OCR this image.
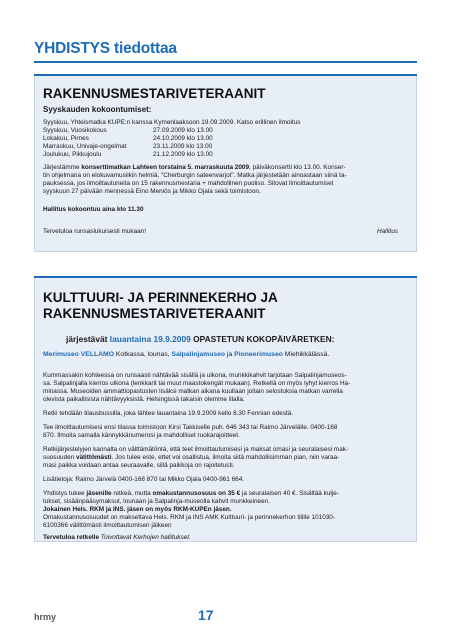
YHDISTYS tiedottaa
RAKENNUSMESTARIVETERAANIT
Syyskauden kokoontumiset:
Syyskuu, Yhteismatka KUPE:n kanssa Kymenlaaksoon 19.09.2009. Katso erillinen ilmoitus
Syyskuu, Vuosikokous	27.09.2009 klo 13.00
Lokakuu, Pirnes	24.10.2009 klo 13.00
Marraskuu, Univaje-ongelmat	23.11.2009 klo 13.00
Joulukuu, Pikkujoulu	21.12.2009 klo 13.00
Järjestämme konserttimatkan Lahteen torstaina 5. marraskuuta 2009, päiväkonsertti klo 13.00. Konser-
tin ohjelmana on elokuvamusiikin helmiä, "Cherburgin sateenvarjot". Matka järjestetään ainoastaan siinä ta-
pauksessa, jos ilmoittautuneita on 15 rakennusmestaria + mahdollinen puoliso. Sitovat ilmoittautumiset
syyskuun 27 päivään mennessä Eino Meniös ja Mikko Ojala sekä toimistoon.
Hallitus kokoontuu aina klo 11.30
Tervetuloa runsaslukuisesti mukaan!	Hallitus
KULTTUURI- JA PERINNEKERHO JA
RAKENNUSMESTARIVETERAANIT
järjestävät lauantaina 19.9.2009 OPASTETUN KOKOPÄIVÄRETKEN:
Merimuseo VELLAMO Kotkassa, lounas, Salpalinjamuseo ja Pioneerimuseo Miehikkälässä.
Kummassakin kohteessa on runsaasti nähtävää sisällä ja ulkona, munkkikahvit tarjotaan Salpalinjamuseos-
sa. Salpalinjalla kierros ulkona (lenkkarit tai muut maastokengät mukaan). Retkellä on myös lyhyt kierros Ha-
minassa. Museoiden ammattiopastusten lisäksi matkan aikana kuullaan joitain selostuksia matkan varrella
olevista paikallisista nähtävyyksistä. Helsingissä takaisin olemme illalla.
Retki tehdään tilausbussilla, joka lähtee lauantaina 19.9.2009 kello 8.30 Fennian edestä.
Tee ilmoittautumisesi ensi tilassa toimistoon Kirsi Takkiselle puh. 646 343 tai Raimo Järvelälle. 0400-168
870. Ilmoita samalla kännykkänumerosi ja mahdolliset ruokarajoitteet.
Retkijärjestelyjen kannalta on välttämätöntä, että teet ilmoittautumisesi ja maksat omasi ja seuralaisesi mak-
suosuuden välittömästi. Jos tulee este, ettet voi osallistua, ilmoita siitä mahdollisimman pian, niin varaa-
masi paikka voidaan antaa seuraavalle, sillä paikkoja on rajoitetusti.
Lisätietoja: Raimo Järvelä 0400-168 870 tai Mikko Ojala 0400-961 664.
Yhdistys tukee jäsenille retkeä, mutta omakustannusosuus on 35 € ja seuralaisen 40 €. Sisältää kulje-
tukset, sisäänpääsymaksut, lounaan ja Salpalinja-museolla kahvit munkkeineen.
Jokainen Hels. RKM ja INS. jäsen on myös RKM-KUPEn jäsen.
Omakustannusosuudet on maksettava Hels. RKM ja INS AMK Kulttuuri- ja perinnekerhon tilille 101030-
6100366 välittömästi ilmoittautumisen jälkeen
Tervetuloa retkelle Toivottavat Kerhojen hallitukset.
hrmy	17
